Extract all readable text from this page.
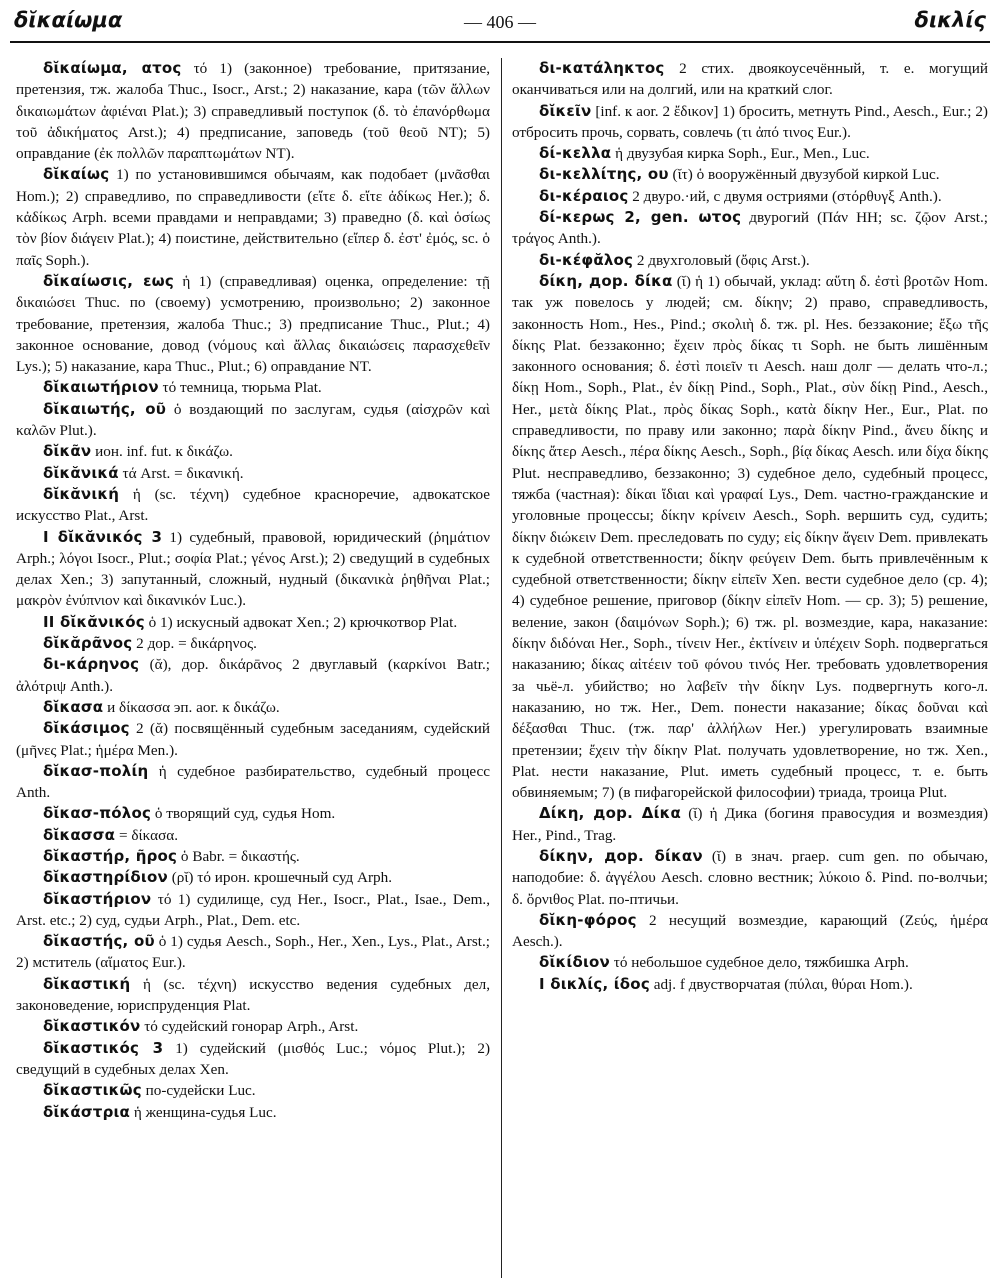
δῐκαίωμα	— 406 —	δικλίς

δῐκαίωμα, ατος τό 1) (законное) требование, притязание, претензия, тж. жалоба Thuc., Isocr., Arst.; 2) наказание, кара (τῶν ἄλλων δικαιωμάτων ἀφιέναι Plat.); 3) справедливый поступок (δ. τὸ ἐπανόρθωμα τοῦ ἀδικήματος Arst.); 4) предписание, заповедь (τοῦ θεοῦ NT); 5) оправдание (ἐκ πολλῶν παραπτωμάτων NT).

δῐκαίως 1) по установившимся обычаям, как подобает (μνᾶσθαι Hom.); 2) справедливо, по справедливости (εἴτε δ. εἴτε ἀδίκως Her.); δ. κἀδίκως Arph. всеми правдами и неправдами; 3) праведно (δ. καὶ ὁσίως τὸν βίον διάγειν Plat.); 4) поистине, действительно (εἴπερ δ. ἐστ' ἐμός, sc. ὁ παῖς Soph.).

δῐκαίωσις, εως ἡ 1) (справедливая) оценка, определение: τῇ δικαιώσει Thuc. по (своему) усмотрению, произвольно; 2) законное требование, претензия, жалоба Thuc.; 3) предписание Thuc., Plut.; 4) законное основание, довод (νόμους καὶ ἄλλας δικαιώσεις παρασχεθεῖν Lys.); 5) наказание, кара Thuc., Plut.; 6) оправдание NT.

δῐκαιωτήριον τό темница, тюрьма Plat.

δῐκαιωτής, οῦ ὁ воздающий по заслугам, судья (αἰσχρῶν καὶ καλῶν Plut.).

δῐκᾶν ион. inf. fut. к δικάζω.

δῐκᾰνικά τά Arst. = δικανική.

δῐκᾰνική ἡ (sc. τέχνη) судебное красноречие, адвокатское искусство Plat., Arst.

I δῐκᾰνικός 3 1) судебный, правовой, юридический (ῥημάτιον Arph.; λόγοι Isocr., Plut.; σοφία Plat.; γένος Arst.); 2) сведущий в судебных делах Xen.; 3) запутанный, сложный, нудный (δικανικὰ ῥηθῆναι Plat.; μακρὸν ἐνύπνιον καὶ δικανικόν Luc.).

II δῐκᾰνικός ὁ 1) искусный адвокат Xen.; 2) крючкотвор Plat.

δῐκᾰρᾶνος 2 дор. = δικάρηνος.

δι-κάρηνος (ᾰ), дор. δικάρᾱνος 2 двуглавый (καρκίνοι Batr.; ἀλότριψ Anth.).

δῐκασα и δίκασσα эп. aor. к δικάζω.

δῐκάσιμος 2 (ᾰ) посвящённый судебным заседаниям, судейский (μῆνες Plat.; ἡμέρα Men.).

δῐκασ-πολίη ἡ судебное разбирательство, судебный процесс Anth.

δῐκασ-πόλος ὁ творящий суд, судья Hom.

δῐκασσα = δίκασα.

δῐκαστήρ, ῆρος ὁ Babr. = δικαστής.

δῐκαστηρίδιον (ρῐ) τό ирон. крошечный суд Arph.

δῐκαστήριον τό 1) судилище, суд Her., Isocr., Plat., Isae., Dem., Arst. etc.; 2) суд, судьи Arph., Plat., Dem. etc.

δῐκαστής, οῦ ὁ 1) судья Aesch., Soph., Her., Xen., Lys., Plat., Arst.; 2) мститель (αἵματος Eur.).

δῐκαστική ἡ (sc. τέχνη) искусство ведения судебных дел, законоведение, юриспруденция Plat.

δῐκαστικόν τό судейский гонорар Arph., Arst.

δῐκαστικός 3 1) судейский (μισθός Luc.; νόμος Plut.); 2) сведущий в судебных делах Xen.

δῐκαστικῶς по-судейски Luc.

δῐκάστρια ἡ женщина-судья Luc.

δι-κατάληκτος 2 стих. двоякоусечённый, т. е. могущий оканчиваться или на долгий, или на краткий слог.

δῐκεῖν [inf. к aor. 2 ἔδικον] 1) бросить, метнуть Pind., Aesch., Eur.; 2) отбросить прочь, сорвать, совлечь (τι ἀπό τινος Eur.).

δί-κελλα ἡ двузубая кирка Soph., Eur., Men., Luc.

δι-κελλίτης, ου (ῐτ) ὁ вооружённый двузубой киркой Luc.

δι-κέραιος 2 двуро.·ий, с двумя остриями (στόρθυγξ Anth.).

δί-κερως 2, gen. ωτος двурогий (Πάν HH; sc. ζῷον Arst.; τράγος Anth.).

δι-κέφᾰλος 2 двухголовый (ὄφις Arst.).

δίκη, дор. δίκα (ῐ) ἡ 1) обычай, уклад: αὕτη δ. ἐστὶ βροτῶν Hom. так уж повелось у людей; см. δίκην; 2) право, справедливость, законность Hom., Hes., Pind.; σκολιὴ δ. тж. pl. Hes. беззаконие; ἔξω τῆς δίκης Plat. беззаконно; ἔχειν πρὸς δίκας τι Soph. не быть лишённым законного основания; δ. ἐστὶ ποιεῖν τι Aesch. наш долг — делать что-л.; δίκῃ Hom., Soph., Plat., ἐν δίκῃ Pind., Soph., Plat., σὺν δίκῃ Pind., Aesch., Her., μετὰ δίκης Plat., πρὸς δίκας Soph., κατὰ δίκην Her., Eur., Plat. по справедливости, по праву или законно; παρὰ δίκην Pind., ἄνευ δίκης и δίκης ἄτερ Aesch., πέρα δίκης Aesch., Soph., βίᾳ δίκας Aesch. или δίχα δίκης Plut. несправедливо, беззаконно; 3) судебное дело, судебный процесс, тяжба (частная): δίκαι ἴδιαι καὶ γραφαί Lys., Dem. частно-гражданские и уголовные процессы; δίκην κρίνειν Aesch., Soph. вершить суд, судить; δίκην διώκειν Dem. преследовать по суду; εἰς δίκην ἄγειν Dem. привлекать к судебной ответственности; δίκην φεύγειν Dem. быть привлечённым к судебной ответственности; δίκην εἰπεῖν Xen. вести судебное дело (ср. 4); 4) судебное решение, приговор (δίκην εἰπεῖν Hom. — ср. 3); 5) решение, веление, закон (δαιμόνων Soph.); 6) тж. pl. возмездие, кара, наказание: δίκην διδόναι Her., Soph., τίνειν Her., ἐκτίνειν и ὑπέχειν Soph. подвергаться наказанию; δίκας αἰτέειν τοῦ φόνου τινός Her. требовать удовлетворения за чьё-л. убийство; но λαβεῖν τὴν δίκην Lys. подвергнуть кого-л. наказанию, но тж. Her., Dem. понести наказание; δίκας δοῦναι καὶ δέξασθαι Thuc. (тж. παρ' ἀλλήλων Her.) урегулировать взаимные претензии; ἔχειν τὴν δίκην Plat. получать удовлетворение, но тж. Xen., Plat. нести наказание, Plut. иметь судебный процесс, т. е. быть обвиняемым; 7) (в пифагорейской философии) триада, троица Plut.

Δίκη, дор. Δίκα (ῐ) ἡ Дика (богиня правосудия и возмездия) Her., Pind., Trag.

δίκην, дор. δίκαν (ῐ) в знач. praep. cum gen. по обычаю, наподобие: δ. ἀγγέλου Aesch. словно вестник; λύκοιο δ. Pind. по-волчьи; δ. ὄρνιθος Plat. по-птичьи.

δῐκη-φόρος 2 несущий возмездие, карающий (Ζεύς, ἡμέρα Aesch.).

δῐκίδιον τό небольшое судебное дело, тяжбишка Arph.

I δικλίς, ίδος adj. f двустворчатая (πύλαι, θύραι Hom.).
